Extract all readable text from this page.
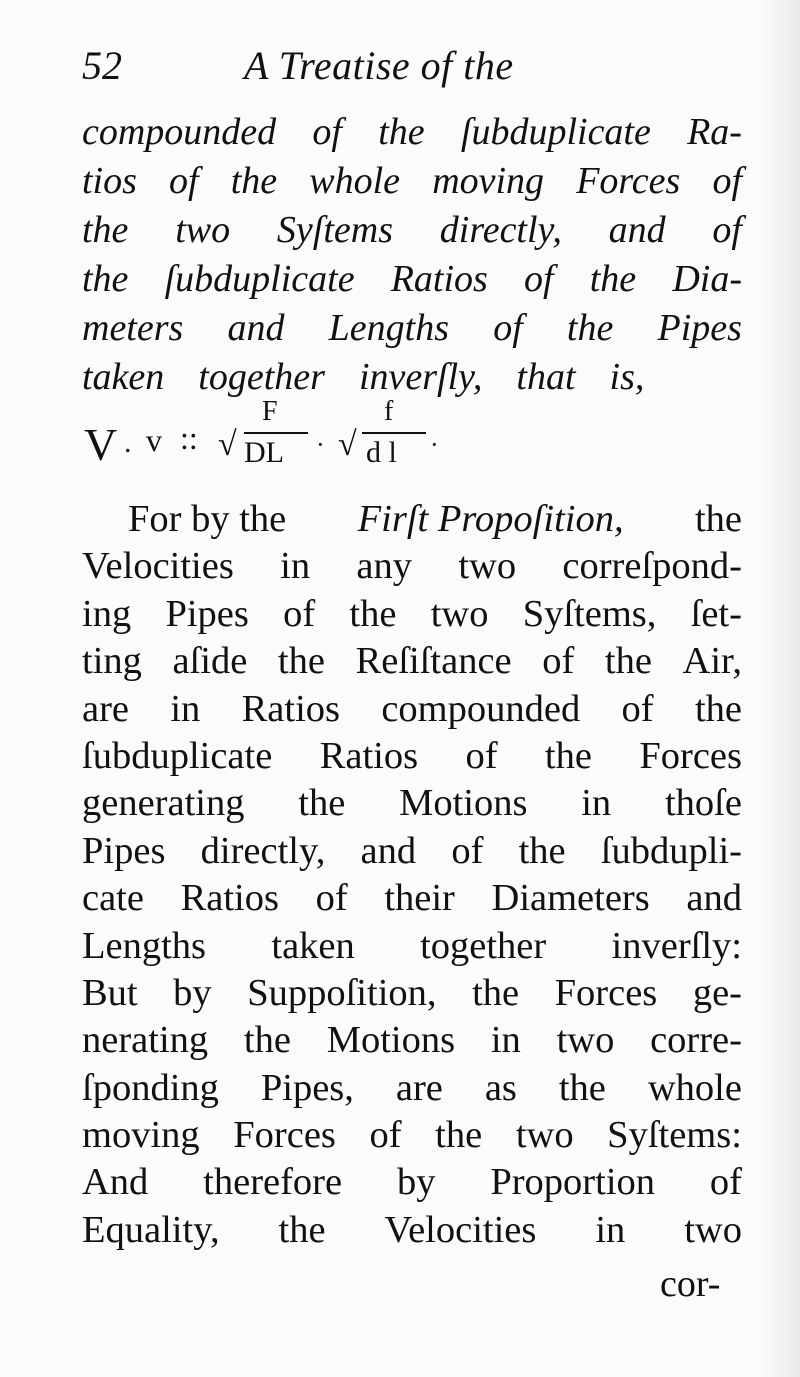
52	A Treatise of the
compounded of the ſubduplicate Ra-
tios of the whole moving Forces of
the two Syſtems directly, and of
the ſubduplicate Ratios of the Dia-
meters and Lengths of the Pipes
taken together inverſly, that is,
V . v :: √
F
DL · √
f
d l ·
For by the Firſt Propoſition, the
Velocities in any two correſpond-
ing Pipes of the two Syſtems, ſet-
ting aſide the Reſiſtance of the Air,
are in Ratios compounded of the
ſubduplicate Ratios of the Forces
generating the Motions in thoſe
Pipes directly, and of the ſubdupli-
cate Ratios of their Diameters and
Lengths taken together inverſly:
But by Suppoſition, the Forces ge-
nerating the Motions in two corre-
ſponding Pipes, are as the whole
moving Forces of the two Syſtems:
And therefore by Proportion of
Equality, the Velocities in two
cor-
